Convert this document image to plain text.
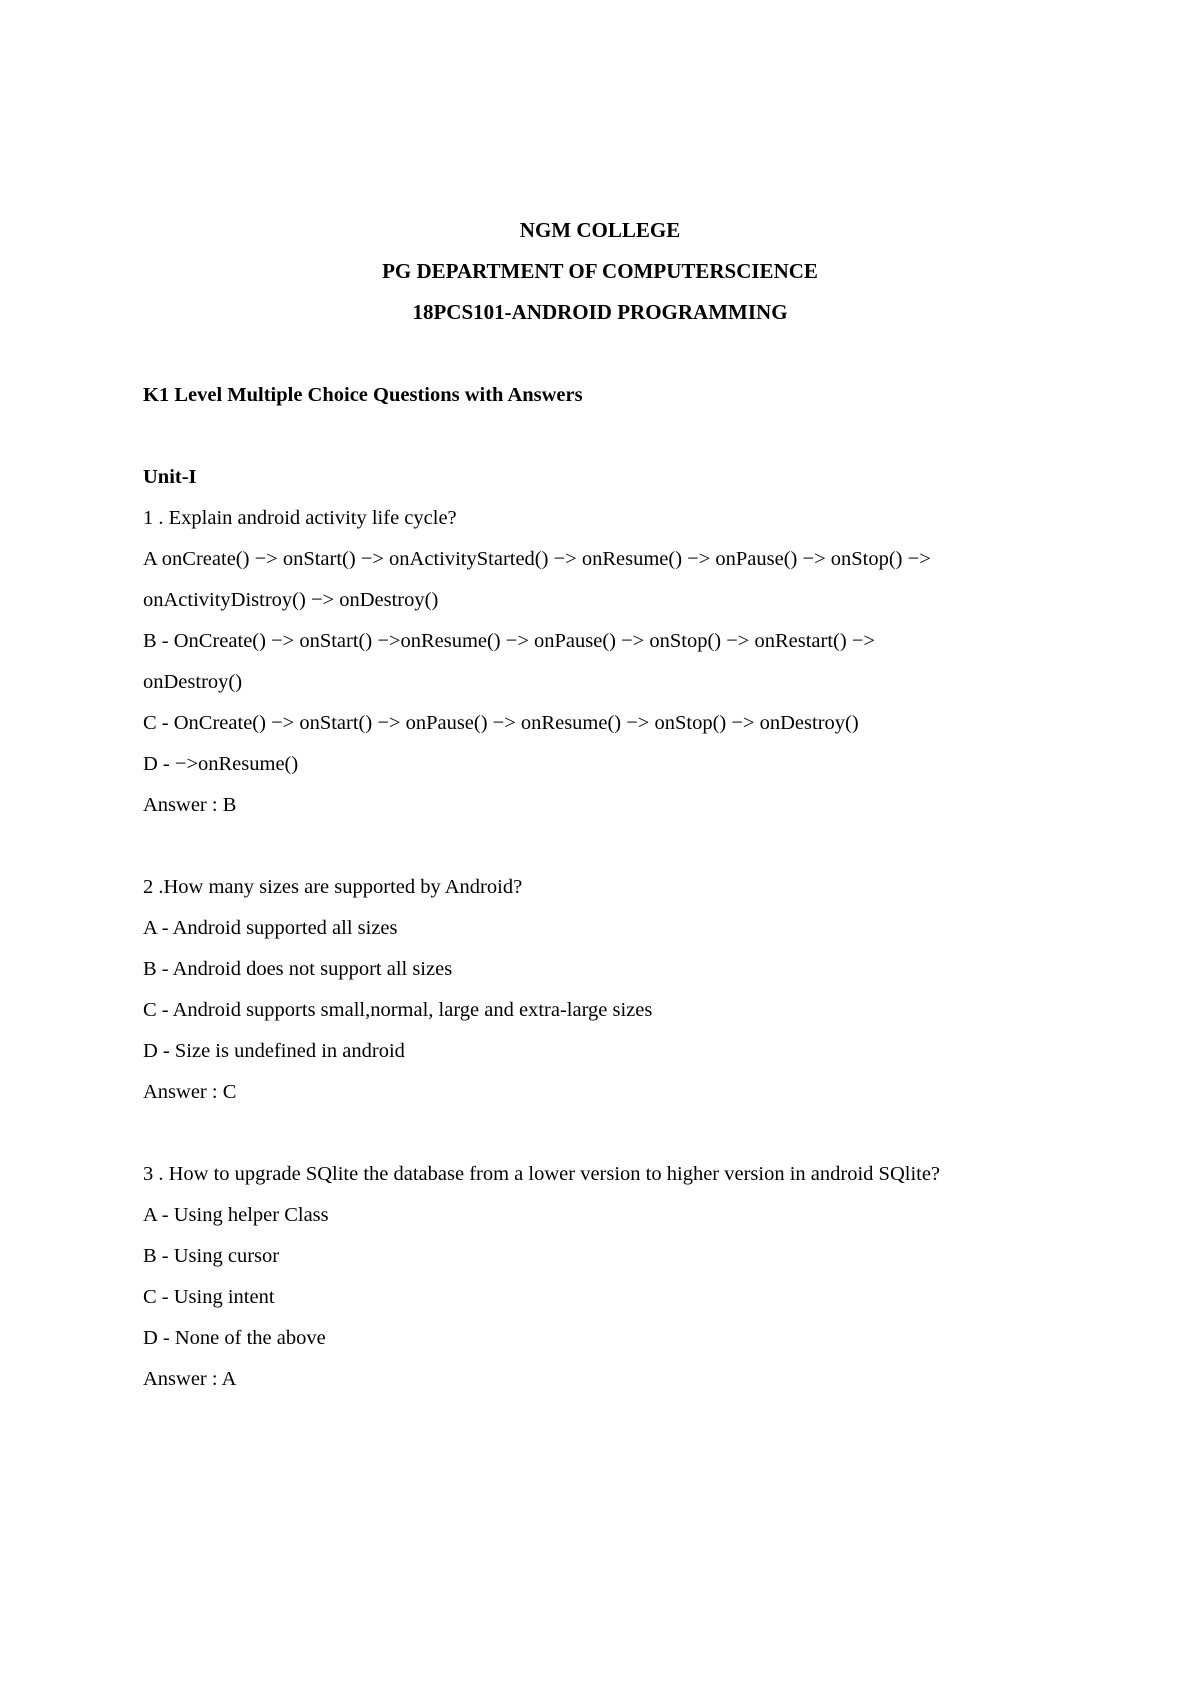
NGM COLLEGE
PG DEPARTMENT OF COMPUTERSCIENCE
18PCS101-ANDROID PROGRAMMING

K1 Level Multiple Choice Questions with Answers

Unit-I

1 . Explain android activity life cycle?

A onCreate() −> onStart() −> onActivityStarted() −> onResume() −> onPause() −> onStop() −>

onActivityDistroy() −> onDestroy()

B - OnCreate() −> onStart() −>onResume() −> onPause() −> onStop() −> onRestart() −>

onDestroy()

C - OnCreate() −> onStart() −> onPause() −> onResume() −> onStop() −> onDestroy()

D - −>onResume()

Answer : B

2 .How many sizes are supported by Android?

A - Android supported all sizes

B - Android does not support all sizes

C - Android supports small,normal, large and extra-large sizes

D - Size is undefined in android

Answer : C

3 . How to upgrade SQlite the database from a lower version to higher version in android SQlite?

A - Using helper Class

B - Using cursor

C - Using intent

D - None of the above

Answer : A
